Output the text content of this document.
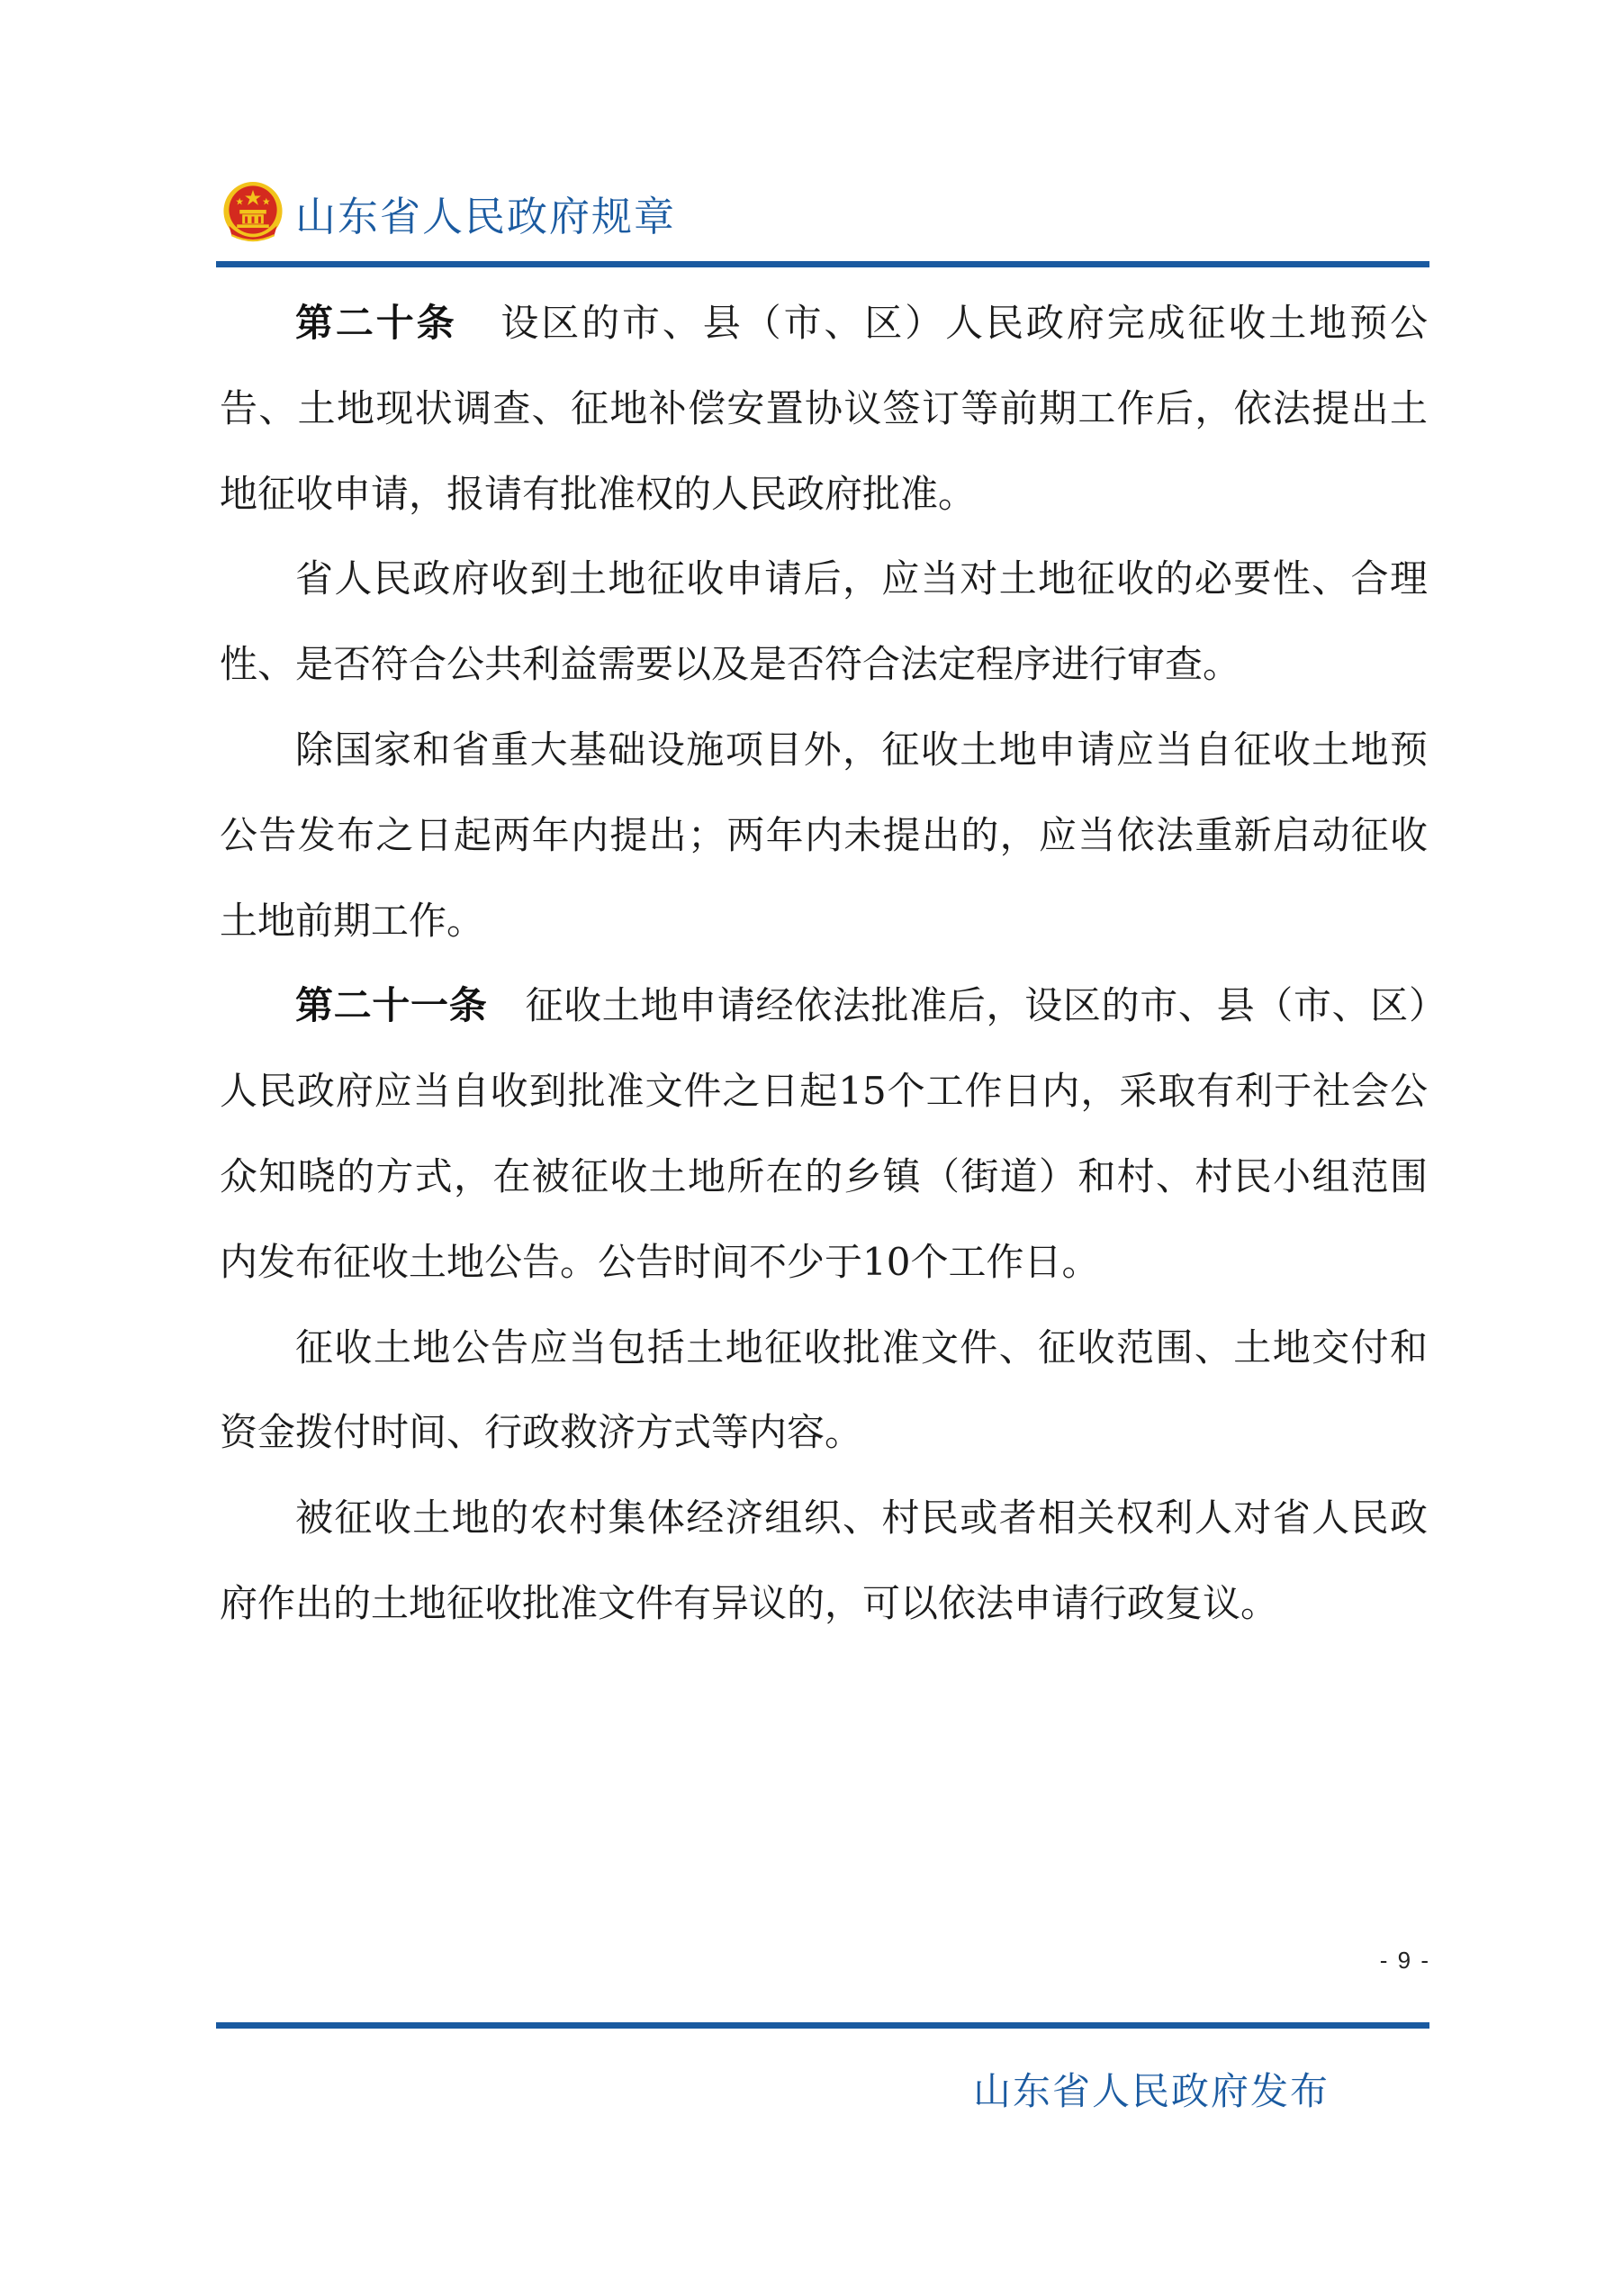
山东省人民政府规章

第二十条 设区的市、县（市、区）人民政府完成征收土地预公告、土地现状调查、征地补偿安置协议签订等前期工作后，依法提出土地征收申请，报请有批准权的人民政府批准。

省人民政府收到土地征收申请后，应当对土地征收的必要性、合理性、是否符合公共利益需要以及是否符合法定程序进行审查。

除国家和省重大基础设施项目外，征收土地申请应当自征收土地预公告发布之日起两年内提出；两年内未提出的，应当依法重新启动征收土地前期工作。

第二十一条 征收土地申请经依法批准后，设区的市、县（市、区）人民政府应当自收到批准文件之日起15个工作日内，采取有利于社会公众知晓的方式，在被征收土地所在的乡镇（街道）和村、村民小组范围内发布征收土地公告。公告时间不少于10个工作日。

征收土地公告应当包括土地征收批准文件、征收范围、土地交付和资金拨付时间、行政救济方式等内容。

被征收土地的农村集体经济组织、村民或者相关权利人对省人民政府作出的土地征收批准文件有异议的，可以依法申请行政复议。

- 9 -
山东省人民政府发布
